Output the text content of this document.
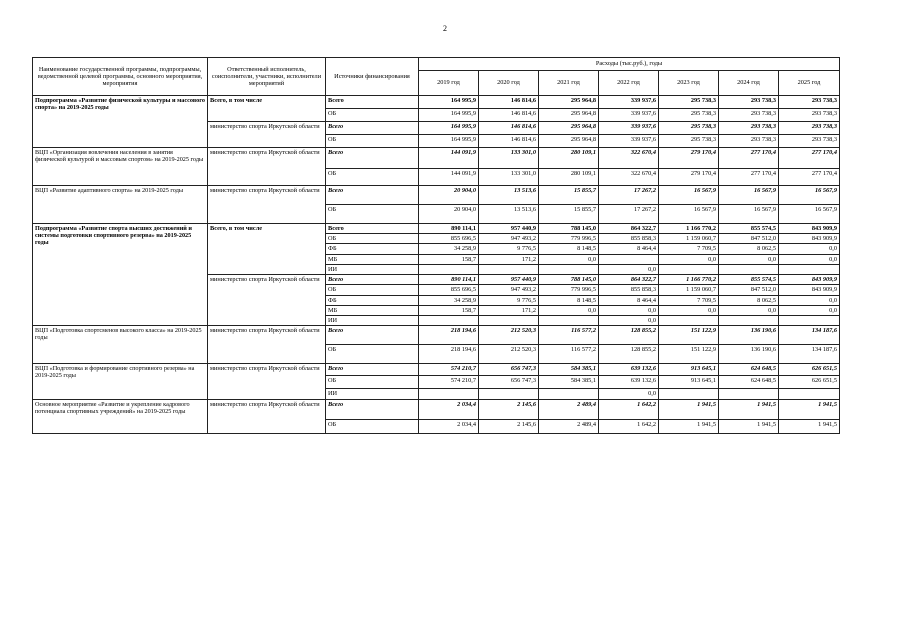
2
Наименование государственной программы, подпрограммы, ведомственной целевой программы, основного мероприятия, мероприятия	Ответственный исполнитель, соисполнители, участники, исполнители мероприятий	Источники финансирования	Расходы (тыс.руб.), годы						
			2019 год	2020 год	2021 год	2022 год	2023 год	2024 год	2025 год
Подпрограмма «Развитие физической культуры и массового спорта» на 2019-2025 годы	Всего, в том числе	Всего	164 995,9	146 814,6	295 964,8	339 937,6	295 738,3	293 738,3	293 738,3
		ОБ	164 995,9	146 814,6	295 964,8	339 937,6	295 738,3	293 738,3	293 738,3
	министерство спорта Иркутской области	Всего	164 995,9	146 814,6	295 964,8	339 937,6	295 738,3	293 738,3	293 738,3
		ОБ	164 995,9	146 814,6	295 964,8	339 937,6	295 738,3	293 738,3	293 738,3
ВЦП «Организация вовлечения населения в занятия физической культурой и массовым спортом» на 2019-2025 годы	министерство спорта Иркутской области	Всего	144 091,9	133 301,0	280 109,1	322 670,4	279 170,4	277 170,4	277 170,4
		ОБ	144 091,9	133 301,0	280 109,1	322 670,4	279 170,4	277 170,4	277 170,4
ВЦП «Развитие адаптивного спорта» на 2019-2025 годы	министерство спорта Иркутской области	Всего	20 904,0	13 513,6	15 855,7	17 267,2	16 567,9	16 567,9	16 567,9
		ОБ	20 904,0	13 513,6	15 855,7	17 267,2	16 567,9	16 567,9	16 567,9
Подпрограмма «Развитие спорта высших достижений и системы подготовки спортивного резерва» на 2019-2025 годы	Всего, в том числе	Всего	890 114,1	957 440,9	788 145,0	864 322,7	1 166 770,2	855 574,5	843 909,9
		ОБ	855 696,5	947 493,2	779 996,5	855 858,3	1 159 060,7	847 512,0	843 909,9
		ФБ	34 258,9	9 776,5	8 148,5	8 464,4	7 709,5	8 062,5	0,0
		МБ	158,7	171,2	0,0		0,0	0,0	0,0
		ИИ				0,0			
	министерство спорта Иркутской области	Всего	890 114,1	957 440,9	788 145,0	864 322,7	1 166 770,2	855 574,5	843 909,9
		ОБ	855 696,5	947 493,2	779 996,5	855 858,3	1 159 060,7	847 512,0	843 909,9
		ФБ	34 258,9	9 776,5	8 148,5	8 464,4	7 709,5	8 062,5	0,0
		МБ	158,7	171,2	0,0	0,0	0,0	0,0	0,0
		ИИ				0,0			
ВЦП «Подготовка спортсменов высокого класса» на 2019-2025 годы	министерство спорта Иркутской области	Всего	218 194,6	212 520,3	116 577,2	128 855,2	151 122,9	136 190,6	134 187,6
		ОБ	218 194,6	212 520,3	116 577,2	128 855,2	151 122,9	136 190,6	134 187,6
ВЦП «Подготовка и формирование спортивного резерва» на 2019-2025 годы	министерство спорта Иркутской области	Всего	574 210,7	656 747,3	584 385,1	639 132,6	913 645,1	624 648,5	626 651,5
		ОБ	574 210,7	656 747,3	584 385,1	639 132,6	913 645,1	624 648,5	626 651,5
		ИИ				0,0			
Основное мероприятие «Развитие и укрепление кадрового потенциала спортивных учреждений» на 2019-2025 годы	министерство спорта Иркутской области	Всего	2 034,4	2 145,6	2 489,4	1 642,2	1 941,5	1 941,5	1 941,5
		ОБ	2 034,4	2 145,6	2 489,4	1 642,2	1 941,5	1 941,5	1 941,5
